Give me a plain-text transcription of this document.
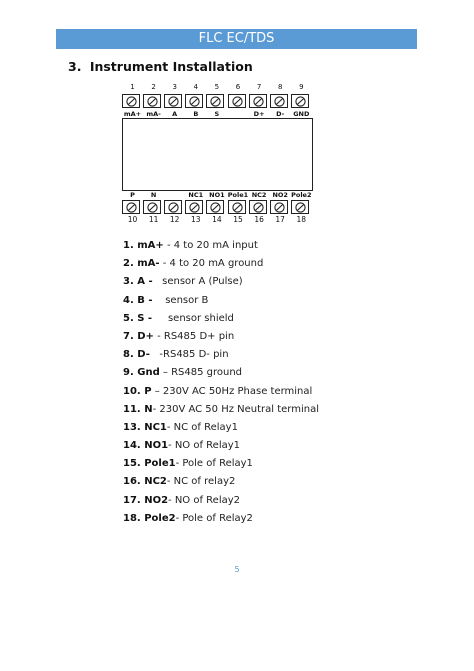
FLC EC/TDS
3. Instrument Installation
1	2	3	4	5	6	7	8	9
mA+ mA-	A	B	S	D+	D-	GND
P	N	NC1 NO1 Pole1 NC2 NO2 Pole2
10	11	12	13	14	15	16	17	18
1. mA+ - 4 to 20 mA input
2. mA- - 4 to 20 mA ground
3. A -   sensor A (Pulse)
4. B -    sensor B
5. S -     sensor shield
7. D+ - RS485 D+ pin
8. D-   -RS485 D- pin
9. Gnd – RS485 ground
10. P – 230V AC 50Hz Phase terminal
11. N- 230V AC 50 Hz Neutral terminal
13. NC1- NC of Relay1
14. NO1- NO of Relay1
15. Pole1- Pole of Relay1
16. NC2- NC of relay2
17. NO2- NO of Relay2
18. Pole2- Pole of Relay2
5
